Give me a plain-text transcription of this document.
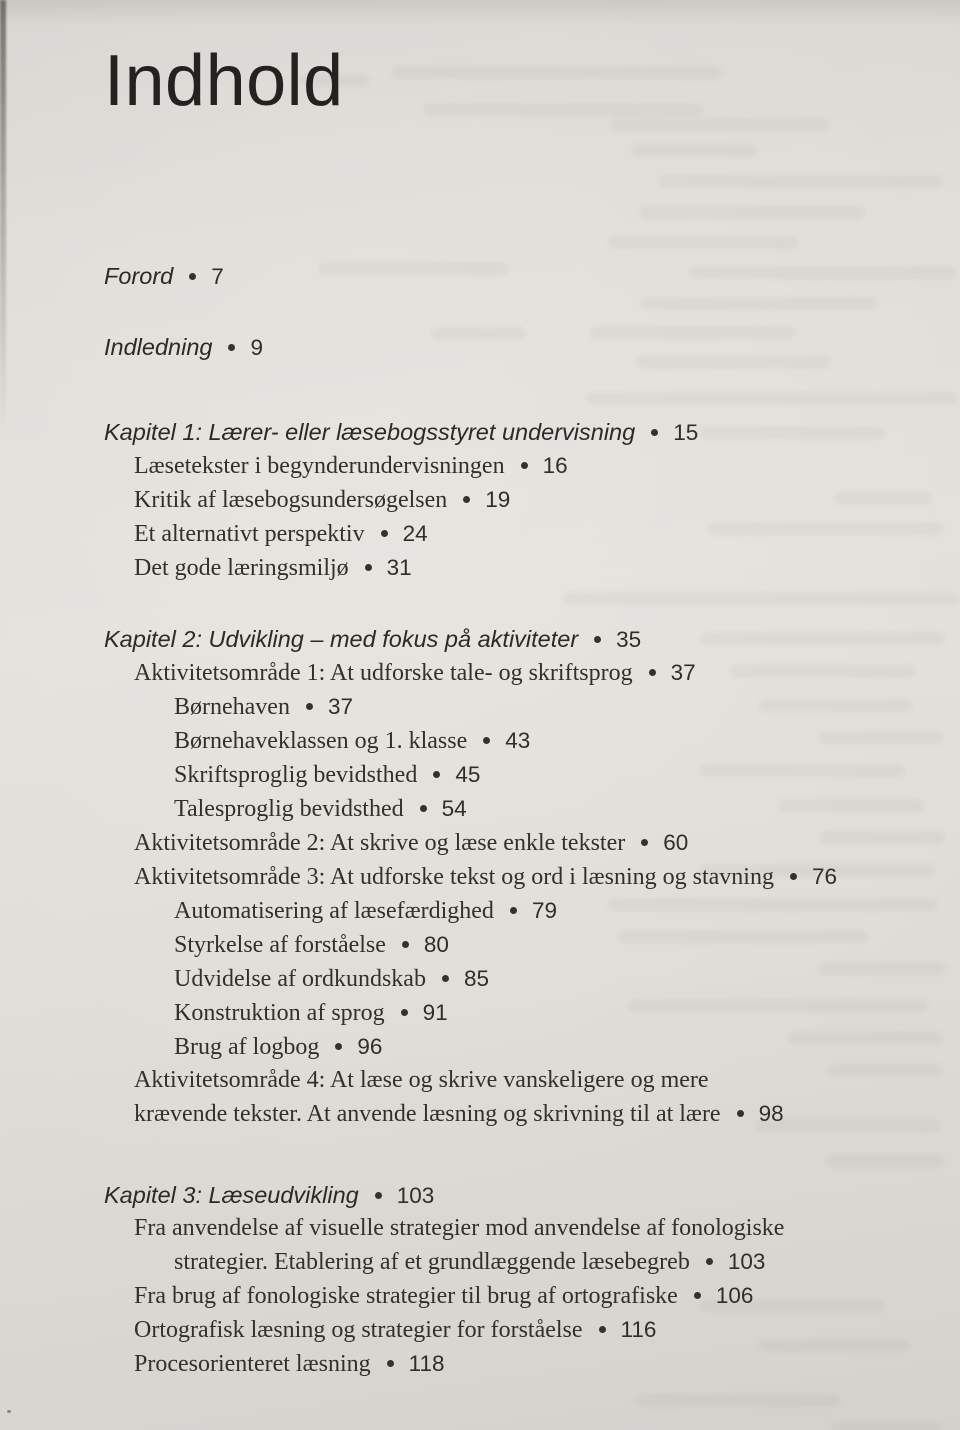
Indhold
Forord 7
Indledning 9
Kapitel 1: Lærer- eller læsebogsstyret undervisning 15
Læsetekster i begynderundervisningen 16
Kritik af læsebogsundersøgelsen 19
Et alternativt perspektiv 24
Det gode læringsmiljø 31
Kapitel 2: Udvikling – med fokus på aktiviteter 35
Aktivitetsområde 1: At udforske tale- og skriftsprog 37
Børnehaven 37
Børnehaveklassen og 1. klasse 43
Skriftsproglig bevidsthed 45
Talesproglig bevidsthed 54
Aktivitetsområde 2: At skrive og læse enkle tekster 60
Aktivitetsområde 3: At udforske tekst og ord i læsning og stavning 76
Automatisering af læsefærdighed 79
Styrkelse af forståelse 80
Udvidelse af ordkundskab 85
Konstruktion af sprog 91
Brug af logbog 96
Aktivitetsområde 4: At læse og skrive vanskeligere og mere
krævende tekster. At anvende læsning og skrivning til at lære 98
Kapitel 3: Læseudvikling 103
Fra anvendelse af visuelle strategier mod anvendelse af fonologiske
strategier. Etablering af et grundlæggende læsebegreb 103
Fra brug af fonologiske strategier til brug af ortografiske 106
Ortografisk læsning og strategier for forståelse 116
Procesorienteret læsning 118
